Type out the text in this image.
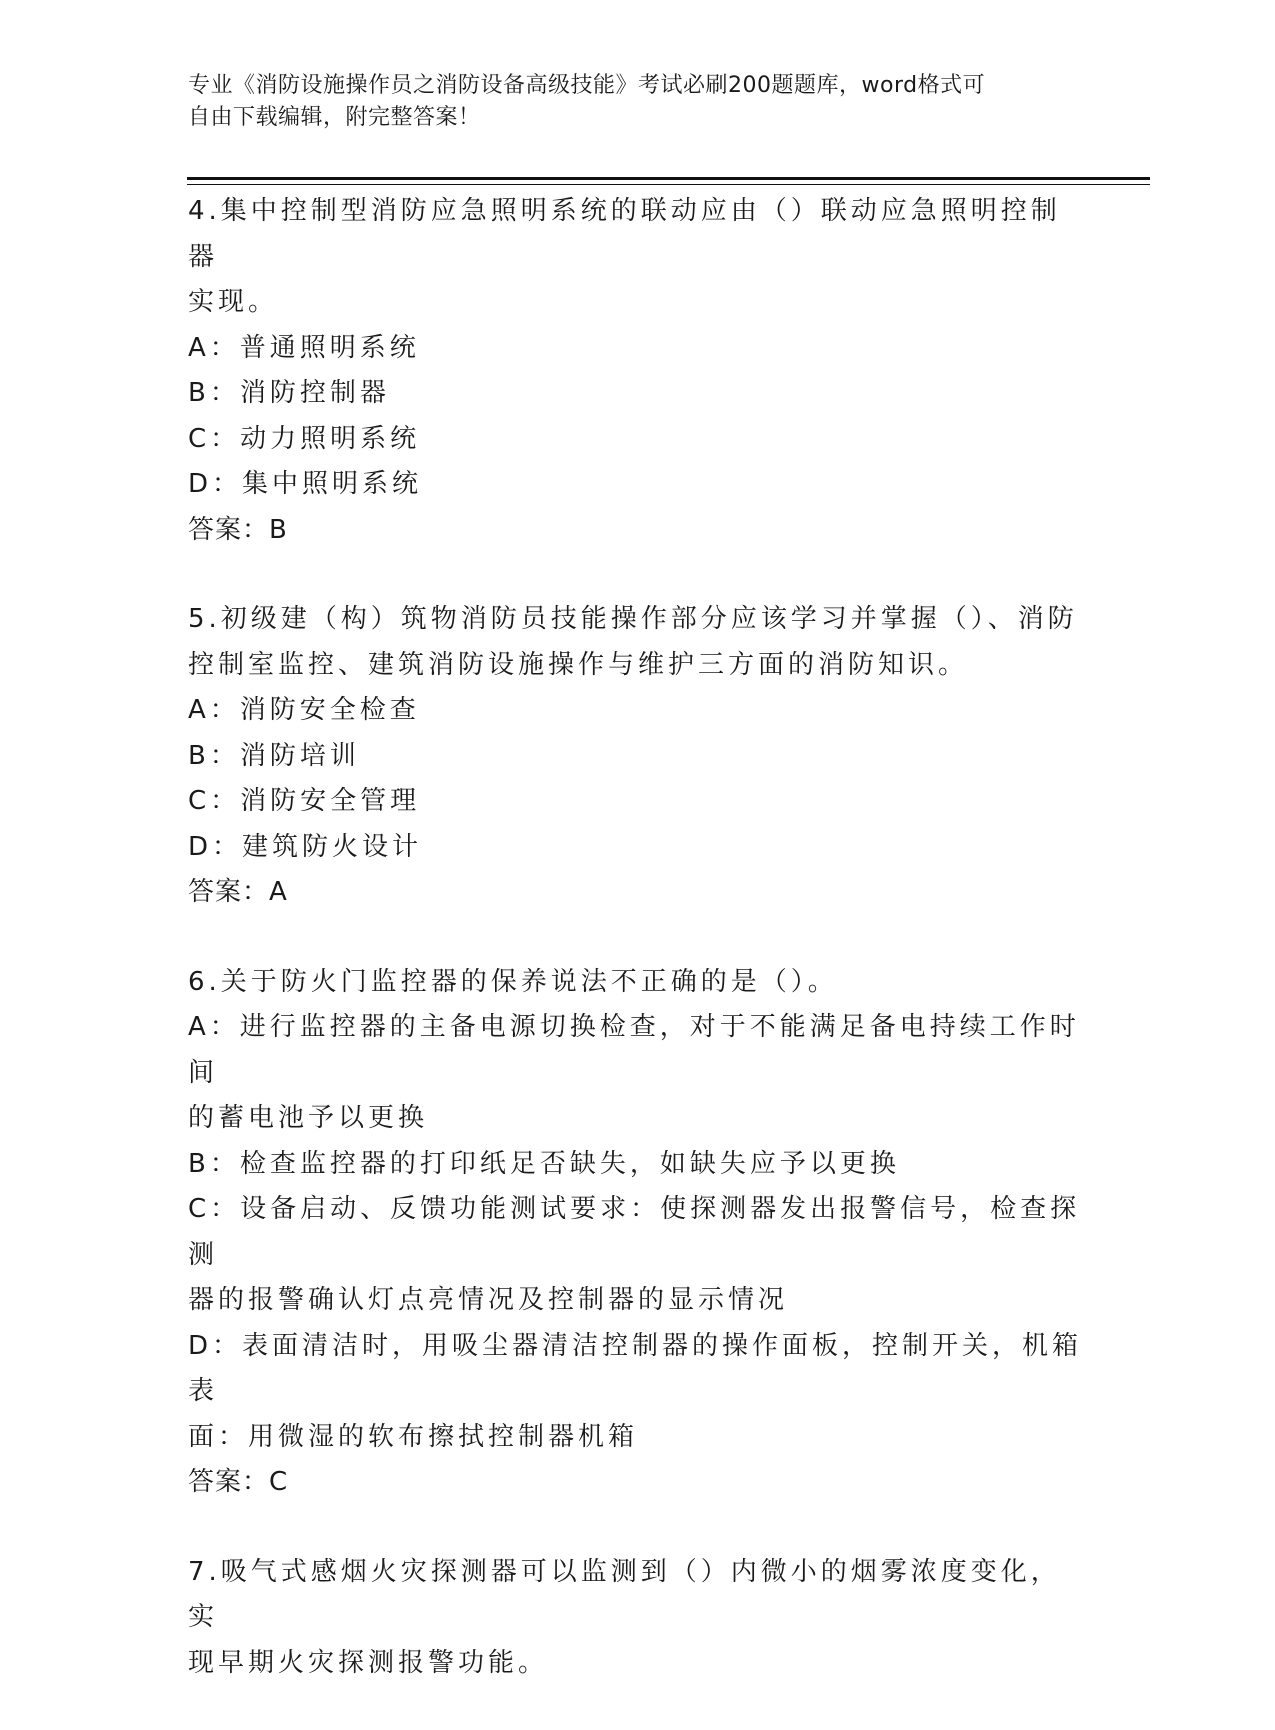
专业《消防设施操作员之消防设备高级技能》考试必刷200题题库，word格式可
自由下载编辑，附完整答案！
4.集中控制型消防应急照明系统的联动应由（）联动应急照明控制器
实现。
A：普通照明系统
B：消防控制器
C：动力照明系统
D：集中照明系统
答案：B
5.初级建（构）筑物消防员技能操作部分应该学习并掌握（）、消防
控制室监控、建筑消防设施操作与维护三方面的消防知识。
A：消防安全检查
B：消防培训
C：消防安全管理
D：建筑防火设计
答案：A
6.关于防火门监控器的保养说法不正确的是（）。
A：进行监控器的主备电源切换检查，对于不能满足备电持续工作时间
的蓄电池予以更换
B：检查监控器的打印纸足否缺失，如缺失应予以更换
C：设备启动、反馈功能测试要求：使探测器发出报警信号，检查探测
器的报警确认灯点亮情况及控制器的显示情况
D：表面清洁时，用吸尘器清洁控制器的操作面板，控制开关，机箱表
面：用微湿的软布擦拭控制器机箱
答案：C
7.吸气式感烟火灾探测器可以监测到（）内微小的烟雾浓度变化，实
现早期火灾探测报警功能。
